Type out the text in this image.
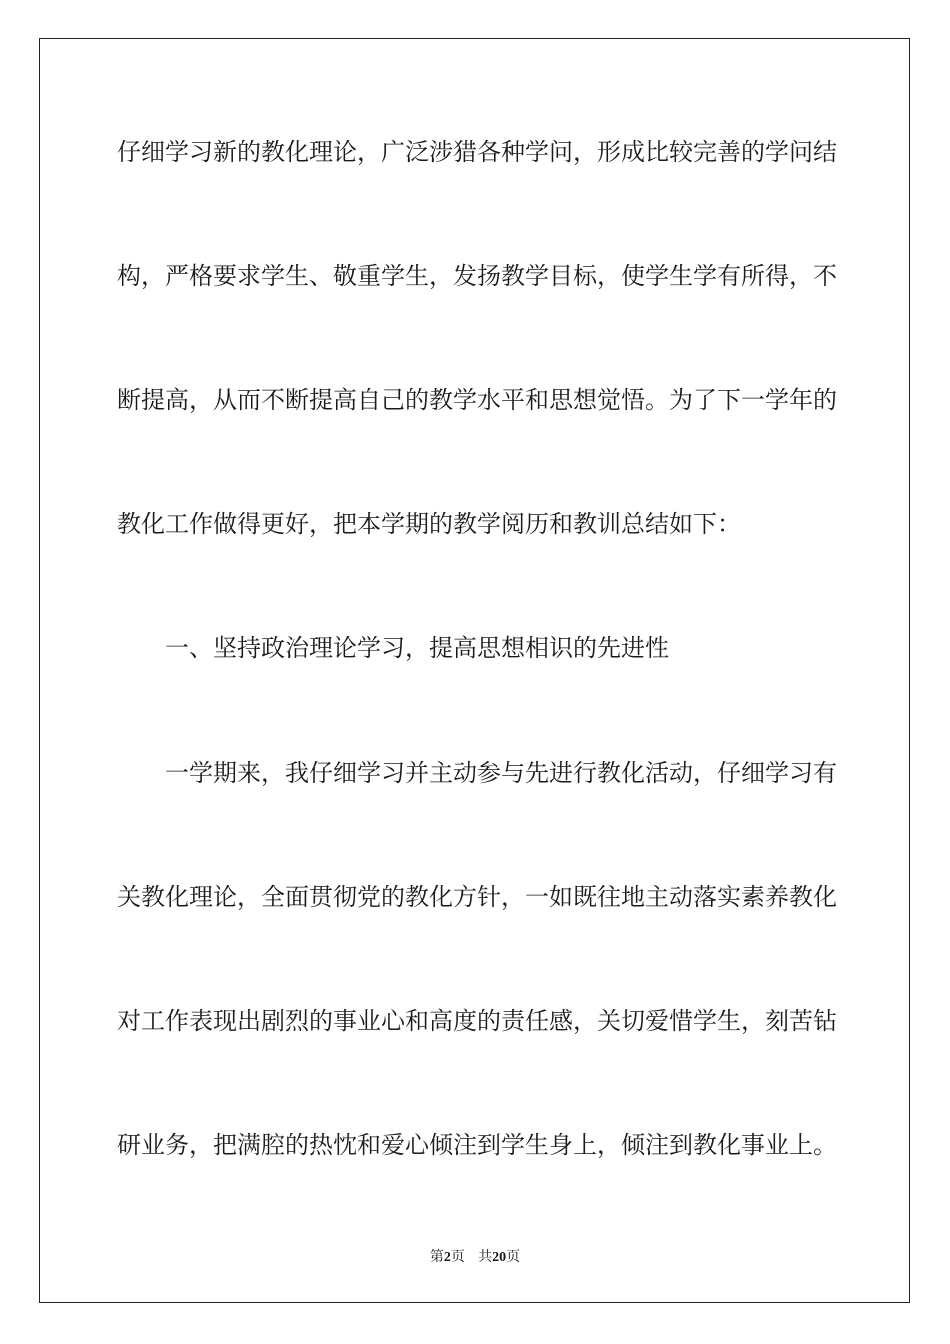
仔细学习新的教化理论，广泛涉猎各种学问，形成比较完善的学问结
构，严格要求学生、敬重学生，发扬教学目标，使学生学有所得，不
断提高，从而不断提高自己的教学水平和思想觉悟。为了下一学年的
教化工作做得更好，把本学期的教学阅历和教训总结如下：
一、坚持政治理论学习，提高思想相识的先进性
一学期来，我仔细学习并主动参与先进行教化活动，仔细学习有
关教化理论，全面贯彻党的教化方针，一如既往地主动落实素养教化
对工作表现出剧烈的事业心和高度的责任感，关切爱惜学生，刻苦钻
研业务，把满腔的热忱和爱心倾注到学生身上，倾注到教化事业上。
第2页 共20页
